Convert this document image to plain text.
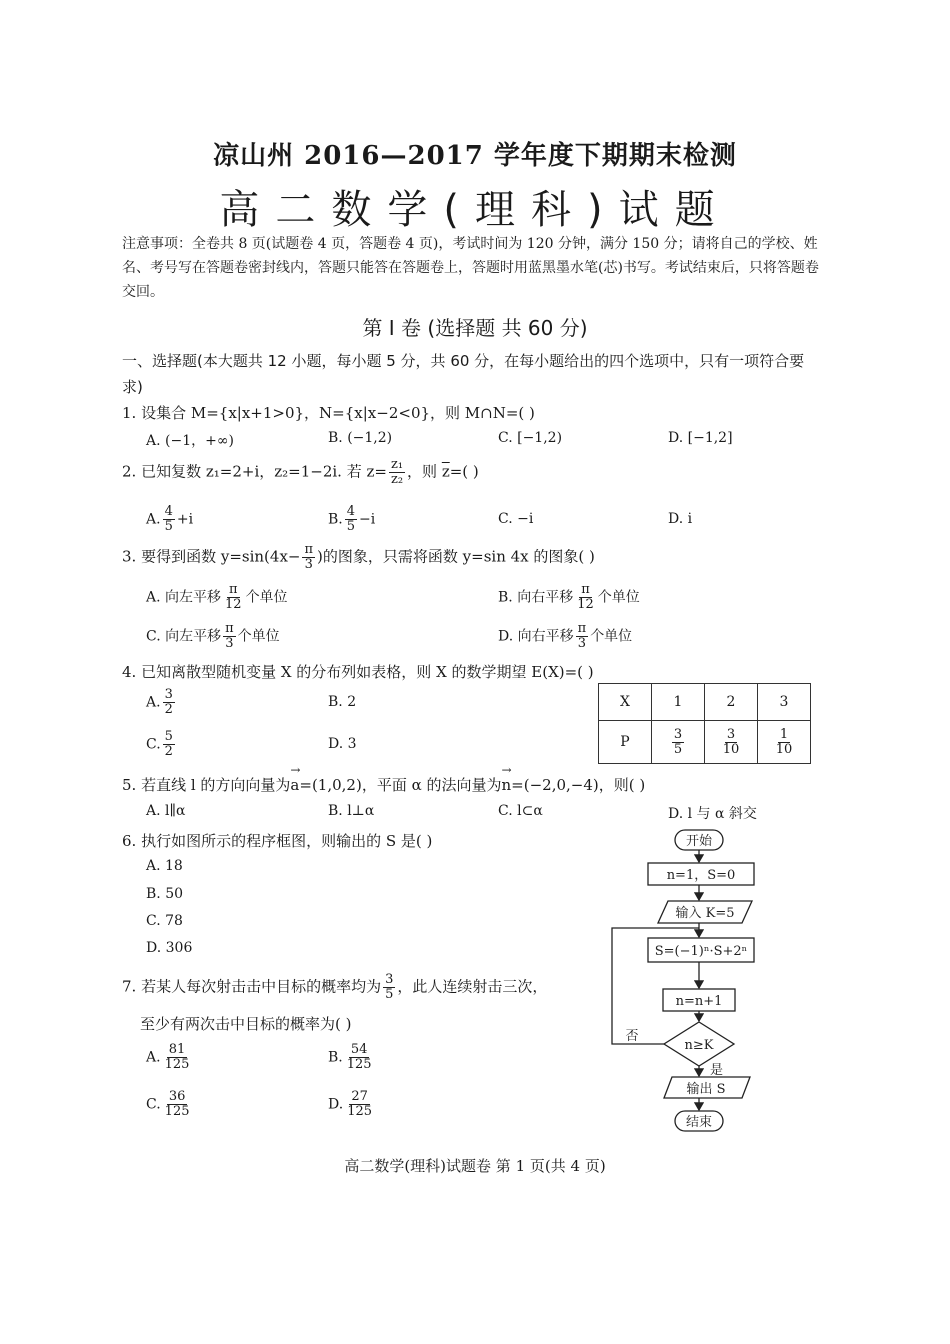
凉山州 2016—2017 学年度下期期末检测
高二数学(理科)试题
注意事项：全卷共 8 页(试题卷 4 页，答题卷 4 页)，考试时间为 120 分钟，满分 150 分；请将自己的学校、姓名、考号写在答题卷密封线内，答题只能答在答题卷上，答题时用蓝黑墨水笔(芯)书写。考试结束后，只将答题卷交回。
第 Ⅰ 卷 (选择题 共 60 分)
一、选择题(本大题共 12 小题，每小题 5 分，共 60 分，在每小题给出的四个选项中，只有一项符合要求)
1. 设集合 M={x|x+1>0}，N={x|x−2<0}，则 M∩N=( )
A. (−1，+∞)	B. (−1,2)	C. [−1,2)	D. [−1,2]
2. 已知复数 z₁=2+i，z₂=1−2i. 若 $z= \frac{\text{z₁}}{\text{z₂}}$ ，则 $\overline{z}=$( )
A. $\frac{4}{5} +i$	B. $\frac{4}{5} -i$	C. −i	D. i
3. 要得到函数 $y=\sin(4x- \frac{\pi}{3}$ )的图象，只需将函数 y=sin 4x 的图象( )
A. 向左平移 $\frac{\pi}{12}$ 个单位	B. 向右平移 $\frac{\pi}{12}$ 个单位
C. 向左平移 $\frac{\pi}{3}$ 个单位	D. 向右平移 $\frac{\pi}{3}$ 个单位
4. 已知离散型随机变量 X 的分布列如表格，则 X 的数学期望 E(X)=( )
A. $\frac{3}{2}$	B. 2
C. $\frac{5}{2}$	D. 3
X	1	2	3
P	$\frac{3}{5}$	$\frac{3}{10}$	$\frac{1}{10}$
5. 若直线 l 的方向向量为→ a=(1,0,2)，平面 α 的法向量为→ n=(−2,0,−4)，则( )
A. l∥α	B. l⊥α	C. l⊂α	D. l 与 α 斜交
6. 执行如图所示的程序框图，则输出的 S 是( )
A. 18
B. 50
C. 78
D. 306
开始
n=1，S=0
输入 K=5
S=(−1)ⁿ·S+2ⁿ
n=n+1
n≥K
否
是
输出 S
结束
7. 若某人每次射击击中目标的概率均为 $\frac{3}{5}$ ，此人连续射击三次，
至少有两次击中目标的概率为( )
A. $\frac{81}{125}$	B. $\frac{54}{125}$
C. $\frac{36}{125}$	D. $\frac{27}{125}$
高二数学(理科)试题卷 第 1 页(共 4 页)
